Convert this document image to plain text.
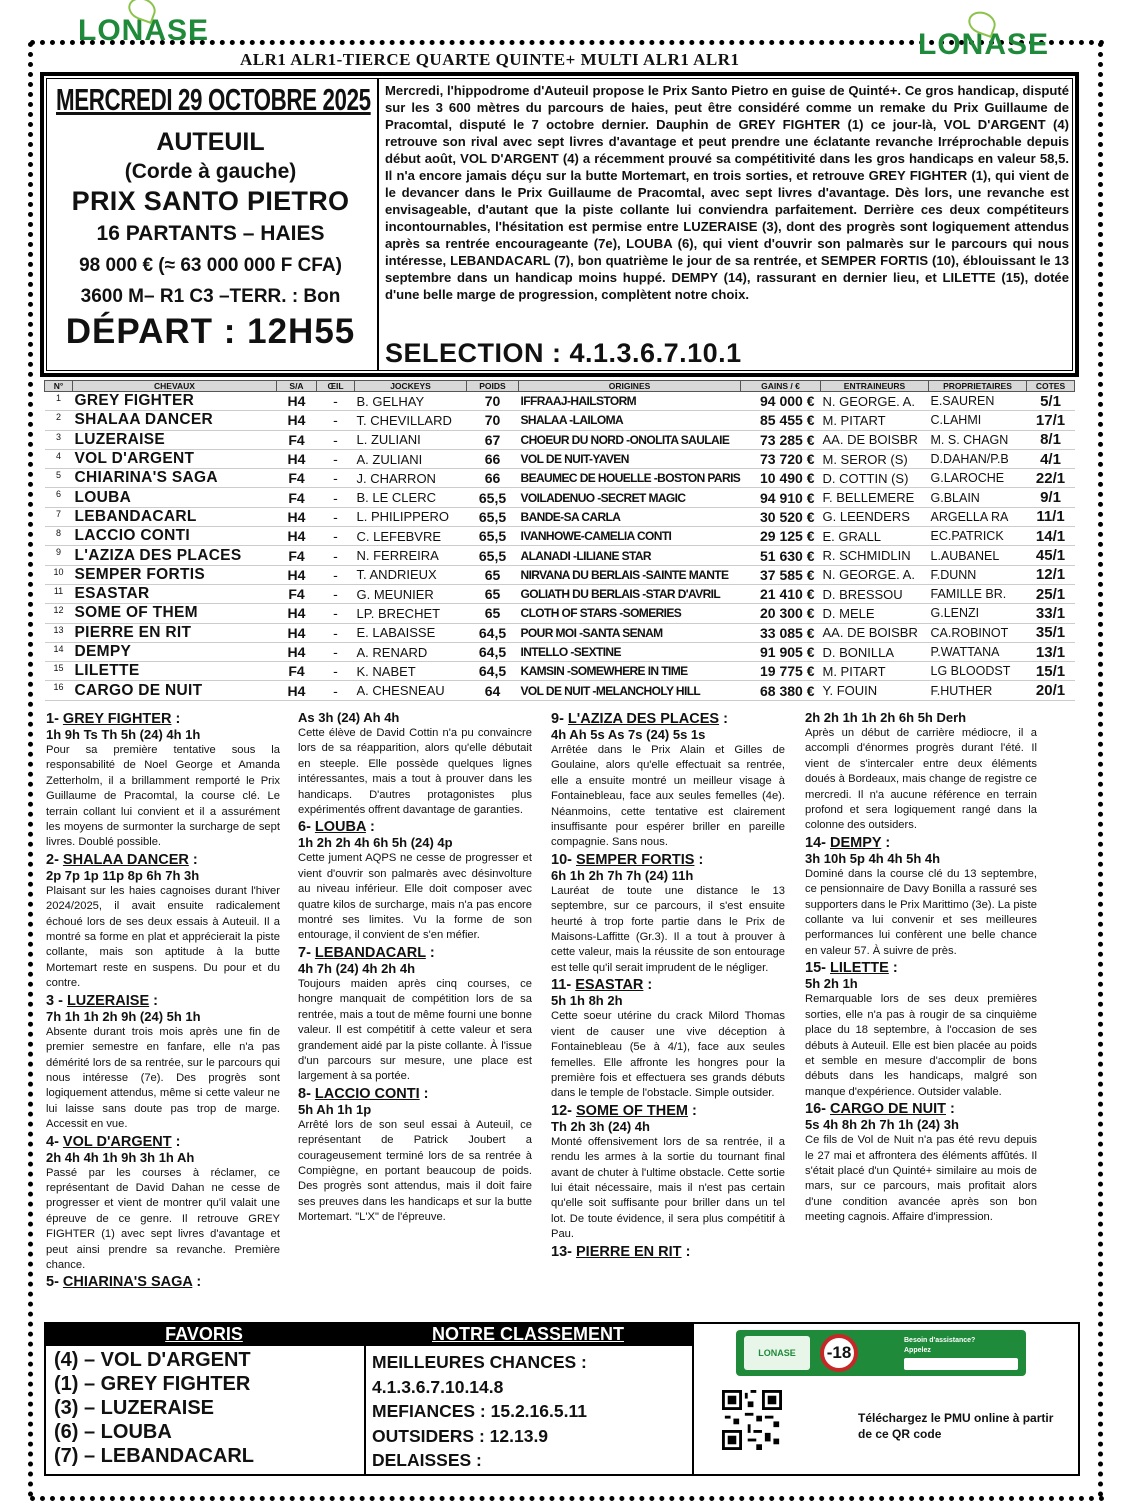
LONASE	LONASE
ALR1 ALR1-TIERCE QUARTE QUINTE+ MULTI ALR1 ALR1
MERCREDI 29 OCTOBRE 2025
AUTEUIL
(Corde à gauche)
PRIX SANTO PIETRO
16 PARTANTS – HAIES
98 000 € (≈ 63 000 000 F CFA)
3600 M– R1 C3 –TERR. : Bon
DÉPART : 12H55
Mercredi, l'hippodrome d'Auteuil propose le Prix Santo Pietro en guise de Quinté+. Ce gros handicap, disputé sur les 3 600 mètres du parcours de haies, peut être considéré comme un remake du Prix Guillaume de Pracomtal, disputé le 7 octobre dernier. Dauphin de GREY FIGHTER (1) ce jour-là, VOL D'ARGENT (4) retrouve son rival avec sept livres d'avantage et peut prendre une éclatante revanche Irréprochable depuis début août, VOL D'ARGENT (4) a récemment prouvé sa compétitivité dans les gros handicaps en valeur 58,5. Il n'a encore jamais déçu sur la butte Mortemart, en trois sorties, et retrouve GREY FIGHTER (1), qui vient de le devancer dans le Prix Guillaume de Pracomtal, avec sept livres d'avantage. Dès lors, une revanche est envisageable, d'autant que la piste collante lui conviendra parfaitement. Derrière ces deux compétiteurs incontournables, l'hésitation est permise entre LUZERAISE (3), dont des progrès sont logiquement attendus après sa rentrée encourageante (7e), LOUBA (6), qui vient d'ouvrir son palmarès sur le parcours qui nous intéresse, LEBANDACARL (7), bon quatrième le jour de sa rentrée, et SEMPER FORTIS (10), éblouissant le 13 septembre dans un handicap moins huppé. DEMPY (14), rassurant en dernier lieu, et LILETTE (15), dotée d'une belle marge de progression, complètent notre choix.
SELECTION : 4.1.3.6.7.10.1
N°	CHEVAUX	S/A	ŒIL	JOCKEYS	POIDS	ORIGINES	GAINS / €	ENTRAINEURS	PROPRIETAIRES	COTES
1	GREY FIGHTER	H4	-	B. GELHAY	70	IFFRAAJ-HAILSTORM	94 000 €	N. GEORGE. A.	E.SAUREN	5/1
2	SHALAA DANCER	H4	-	T. CHEVILLARD	70	SHALAA -LAILOMA	85 455 €	M. PITART	C.LAHMI	17/1
3	LUZERAISE	F4	-	L. ZULIANI	67	CHOEUR DU NORD -ONOLITA SAULAIE	73 285 €	AA. DE BOISBR	M. S. CHAGN	8/1
4	VOL D'ARGENT	H4	-	A. ZULIANI	66	VOL DE NUIT-YAVEN	73 720 €	M. SEROR (S)	D.DAHAN/P.B	4/1
5	CHIARINA'S SAGA	F4	-	J. CHARRON	66	BEAUMEC DE HOUELLE -BOSTON PARIS	10 490 €	D. COTTIN (S)	G.LAROCHE	22/1
6	LOUBA	F4	-	B. LE CLERC	65,5	VOILADENUO -SECRET MAGIC	94 910 €	F. BELLEMERE	G.BLAIN	9/1
7	LEBANDACARL	H4	-	L. PHILIPPERO	65,5	BANDE-SA CARLA	30 520 €	G. LEENDERS	ARGELLA RA	11/1
8	LACCIO CONTI	H4	-	C. LEFEBVRE	65,5	IVANHOWE-CAMELIA CONTI	29 125 €	E. GRALL	EC.PATRICK	14/1
9	L'AZIZA DES PLACES	F4	-	N. FERREIRA	65,5	ALANADI -LILIANE STAR	51 630 €	R. SCHMIDLIN	L.AUBANEL	45/1
10	SEMPER FORTIS	H4	-	T. ANDRIEUX	65	NIRVANA DU BERLAIS -SAINTE MANTE	37 585 €	N. GEORGE. A.	F.DUNN	12/1
11	ESASTAR	F4	-	G. MEUNIER	65	GOLIATH DU BERLAIS -STAR D'AVRIL	21 410 €	D. BRESSOU	FAMILLE BR.	25/1
12	SOME OF THEM	H4	-	LP. BRECHET	65	CLOTH OF STARS -SOMERIES	20 300 €	D. MELE	G.LENZI	33/1
13	PIERRE EN RIT	H4	-	E. LABAISSE	64,5	POUR MOI -SANTA SENAM	33 085 €	AA. DE BOISBR	CA.ROBINOT	35/1
14	DEMPY	H4	-	A. RENARD	64,5	INTELLO -SEXTINE	91 905 €	D. BONILLA	P.WATTANA	13/1
15	LILETTE	F4	-	K. NABET	64,5	KAMSIN -SOMEWHERE IN TIME	19 775 €	M. PITART	LG BLOODST	15/1
16	CARGO DE NUIT	H4	-	A. CHESNEAU	64	VOL DE NUIT -MELANCHOLY HILL	68 380 €	Y. FOUIN	F.HUTHER	20/1
1- GREY FIGHTER :
1h 9h Ts Th 5h (24) 4h 1h

Pour sa première tentative sous la responsabilité de Noel George et Amanda Zetterholm, il a brillamment remporté le Prix Guillaume de Pracomtal, la course clé. Le terrain collant lui convient et il a assurément les moyens de surmonter la surcharge de sept livres. Doublé possible.

2- SHALAA DANCER :
2p 7p 1p 11p 8p 6h 7h 3h

Plaisant sur les haies cagnoises durant l'hiver 2024/2025, il avait ensuite radicalement échoué lors de ses deux essais à Auteuil. Il a montré sa forme en plat et apprécierait la piste collante, mais son aptitude à la butte Mortemart reste en suspens. Du pour et du contre.

3 - LUZERAISE :
7h 1h 1h 2h 9h (24) 5h 1h

Absente durant trois mois après une fin de premier semestre en fanfare, elle n'a pas démérité lors de sa rentrée, sur le parcours qui nous intéresse (7e). Des progrès sont logiquement attendus, même si cette valeur ne lui laisse sans doute pas trop de marge. Accessit en vue.

4- VOL D'ARGENT :
2h 4h 4h 1h 9h 3h 1h Ah

Passé par les courses à réclamer, ce représentant de David Dahan ne cesse de progresser et vient de montrer qu'il valait une épreuve de ce genre. Il retrouve GREY FIGHTER (1) avec sept livres d'avantage et peut ainsi prendre sa revanche. Première chance.

5- CHIARINA'S SAGA :
As 3h (24) Ah 4h

Cette élève de David Cottin n'a pu convaincre lors de sa réapparition, alors qu'elle débutait en steeple. Elle possède quelques lignes intéressantes, mais a tout à prouver dans les handicaps. D'autres protagonistes plus expérimentés offrent davantage de garanties.

6- LOUBA :
1h 2h 2h 4h 6h 5h (24) 4p

Cette jument AQPS ne cesse de progresser et vient d'ouvrir son palmarès avec désinvolture au niveau inférieur. Elle doit composer avec quatre kilos de surcharge, mais n'a pas encore montré ses limites. Vu la forme de son entourage, il convient de s'en méfier.

7- LEBANDACARL :
4h 7h (24) 4h 2h 4h

Toujours maiden après cinq courses, ce hongre manquait de compétition lors de sa rentrée, mais a tout de même fourni une bonne valeur. Il est compétitif à cette valeur et sera grandement aidé par la piste collante. À l'issue d'un parcours sur mesure, une place est largement à sa portée.

8- LACCIO CONTI :
5h Ah 1h 1p

Arrêté lors de son seul essai à Auteuil, ce représentant de Patrick Joubert a courageusement terminé lors de sa rentrée à Compiègne, en portant beaucoup de poids. Des progrès sont attendus, mais il doit faire ses preuves dans les handicaps et sur la butte Mortemart. "L'X" de l'épreuve.

9- L'AZIZA DES PLACES :
4h Ah 5s As 7s (24) 5s 1s

Arrêtée dans le Prix Alain et Gilles de Goulaine, alors qu'elle effectuait sa rentrée, elle a ensuite montré un meilleur visage à Fontainebleau, face aux seules femelles (4e). Néanmoins, cette tentative est clairement insuffisante pour espérer briller en pareille compagnie. Sans nous.

10- SEMPER FORTIS :
6h 1h 2h 7h 7h (24) 11h

Lauréat de toute une distance le 13 septembre, sur ce parcours, il s'est ensuite heurté à trop forte partie dans le Prix de Maisons-Laffitte (Gr.3). Il a tout à prouver à cette valeur, mais la réussite de son entourage est telle qu'il serait imprudent de le négliger.

11- ESASTAR :
5h 1h 8h 2h

Cette soeur utérine du crack Milord Thomas vient de causer une vive déception à Fontainebleau (5e à 4/1), face aux seules femelles. Elle affronte les hongres pour la première fois et effectuera ses grands débuts dans le temple de l'obstacle. Simple outsider.

12- SOME OF THEM :
Th 2h 3h (24) 4h

Monté offensivement lors de sa rentrée, il a rendu les armes à la sortie du tournant final avant de chuter à l'ultime obstacle. Cette sortie lui était nécessaire, mais il n'est pas certain qu'elle soit suffisante pour briller dans un tel lot. De toute évidence, il sera plus compétitif à Pau.

13- PIERRE EN RIT :
2h 2h 1h 1h 2h 6h 5h Derh

Après un début de carrière médiocre, il a accompli d'énormes progrès durant l'été. Il vient de s'intercaler entre deux éléments doués à Bordeaux, mais change de registre ce mercredi. Il n'a aucune référence en terrain profond et sera logiquement rangé dans la colonne des outsiders.

14- DEMPY :
3h 10h 5p 4h 4h 5h 4h

Dominé dans la course clé du 13 septembre, ce pensionnaire de Davy Bonilla a rassuré ses supporters dans le Prix Marittimo (3e). La piste collante va lui convenir et ses meilleures performances lui confèrent une belle chance en valeur 57. À suivre de près.

15- LILETTE :
5h 2h 1h

Remarquable lors de ses deux premières sorties, elle n'a pas à rougir de sa cinquième place du 18 septembre, à l'occasion de ses débuts à Auteuil. Elle est bien placée au poids et semble en mesure d'accomplir de bons débuts dans les handicaps, malgré son manque d'expérience. Outsider valable.

16- CARGO DE NUIT :
5s 4h 8h 2h 7h 1h (24) 3h

Ce fils de Vol de Nuit n'a pas été revu depuis le 27 mai et affrontera des éléments affûtés. Il s'était placé d'un Quinté+ similaire au mois de mars, sur ce parcours, mais profitait alors d'une condition avancée après son bon meeting cagnois. Affaire d'impression.

FAVORIS	NOTRE CLASSEMENT
(4) – VOL D'ARGENT
(1) – GREY FIGHTER
(3) – LUZERAISE
(6) – LOUBA
(7) – LEBANDACARL
MEILLEURES CHANCES :
4.1.3.6.7.10.14.8
MEFIANCES : 15.2.16.5.11
OUTSIDERS : 12.13.9
DELAISSES :
LONASE	-18
Besoin d'assistance?
Appelez
33 864 80 00
Téléchargez le PMU online à partir de ce QR code
